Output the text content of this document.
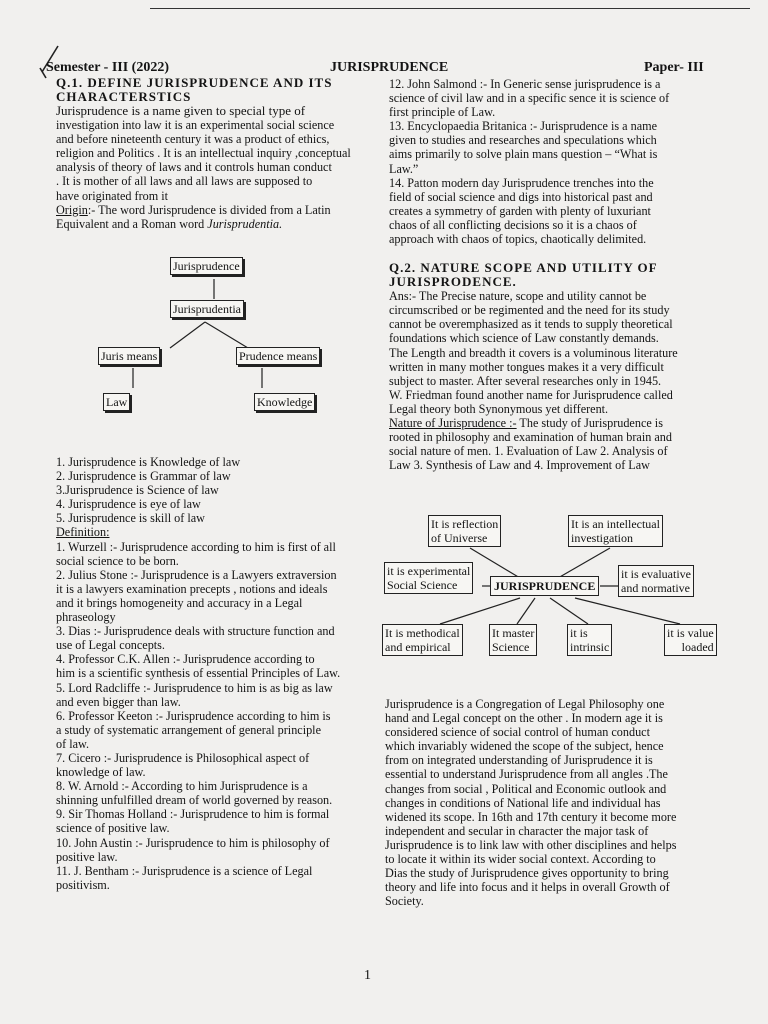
Semester - III (2022)	JURISPRUDENCE	Paper- III

Q.1. DEFINE JURISPRUDENCE AND ITS

CHARACTERSTICS

Jurisprudence is a name given to special type of

investigation into law it is an experimental social science

and before nineteenth century it was a product of ethics,

religion and Politics . It is an intellectual inquiry ,conceptual

analysis of theory of laws and it controls human conduct

. It is mother of all laws and all laws are supposed to

have originated from it

Origin:- The word Jurisprudence is divided from a Latin

Equivalent and a Roman word Jurisprudentia.

Jurisprudence
Jurisprudentia
Juris means	Prudence means
Law	Knowledge

1. Jurisprudence is Knowledge of law

2. Jurisprudence is Grammar of law

3.Jurisprudence is Science of law

4. Jurisprudence is eye of law

5. Jurisprudence is skill of law

Definition:

1. Wurzell :- Jurisprudence according to him is first of all

social science to be born.

2. Julius Stone :- Jurisprudence is a Lawyers extraversion

it is a lawyers examination precepts , notions and ideals

and it brings homogeneity and accuracy in a Legal

phraseology

3. Dias :- Jurisprudence deals with structure function and

use of Legal concepts.

4. Professor C.K. Allen :- Jurisprudence according to

him is a scientific synthesis of essential Principles of Law.

5. Lord Radcliffe :- Jurisprudence to him is as big as law

and even bigger than law.

6. Professor Keeton :- Jurisprudence according to him is

a study of systematic arrangement of general principle

of law.

7. Cicero :- Jurisprudence is Philosophical aspect of

knowledge of law.

8. W. Arnold :- According to him Jurisprudence is a

shinning unfulfilled dream of world governed by reason.

9. Sir Thomas Holland :- Jurisprudence to him is formal

science of positive law.

10. John Austin :- Jurisprudence to him is philosophy of

positive law.

11. J. Bentham :- Jurisprudence is a science of Legal

positivism.

12. John Salmond :- In Generic sense jurisprudence is a

science of civil law and in a specific sence it is science of

first principle of Law.

13. Encyclopaedia Britanica :- Jurisprudence is a name

given to studies and researches and speculations which

aims primarily to solve plain mans question – “What is

Law.”

14. Patton modern day Jurisprudence trenches into the

field of social science and digs into historical past and

creates a symmetry of garden with plenty of luxuriant

chaos of all conflicting decisions so it is a chaos of

approach with chaos of topics, chaotically delimited.

Q.2. NATURE SCOPE AND UTILITY OF

JURISPRODENCE.

Ans:- The Precise nature, scope and utility cannot be

circumscribed or be regimented and the need for its study

cannot be overemphasized as it tends to supply theoretical

foundations which science of Law constantly demands.

The Length and breadth it covers is a voluminous literature

written in many mother tongues makes it a very difficult

subject to master. After several researches only in 1945.

W. Friedman found another name for Jurisprudence called

Legal theory both Synonymous yet different.

Nature of Jurisprudence :- The study of Jurisprudence is

rooted in philosophy and examination of human brain and

social nature of men. 1. Evaluation of Law 2. Analysis of

Law 3. Synthesis of Law and 4. Improvement of Law

It is reflection
of Universe
It is an intellectual
investigation
it is experimental
Social Science	JURISPRUDENCE
it is evaluative
and normative
It is methodical
and empirical
It master
Science
it is
intrinsic
it is value
loaded

Jurisprudence is a Congregation of Legal Philosophy one

hand and Legal concept on the other . In modern age it is

considered science of social control of human conduct

which invariably widened the scope of the subject, hence

from on integrated understanding of Jurisprudence it is

essential to understand Jurisprudence from all angles .The

changes from social , Political and Economic outlook and

changes in conditions of National life and individual has

widened its scope. In 16th and 17th century it become more

independent and secular in character the major task of

Jurisprudence is to link law with other disciplines and helps

to locate it within its wider social context. According to

Dias the study of Jurisprudence gives opportunity to bring

theory and life into focus and it helps in overall Growth of

Society.

1
